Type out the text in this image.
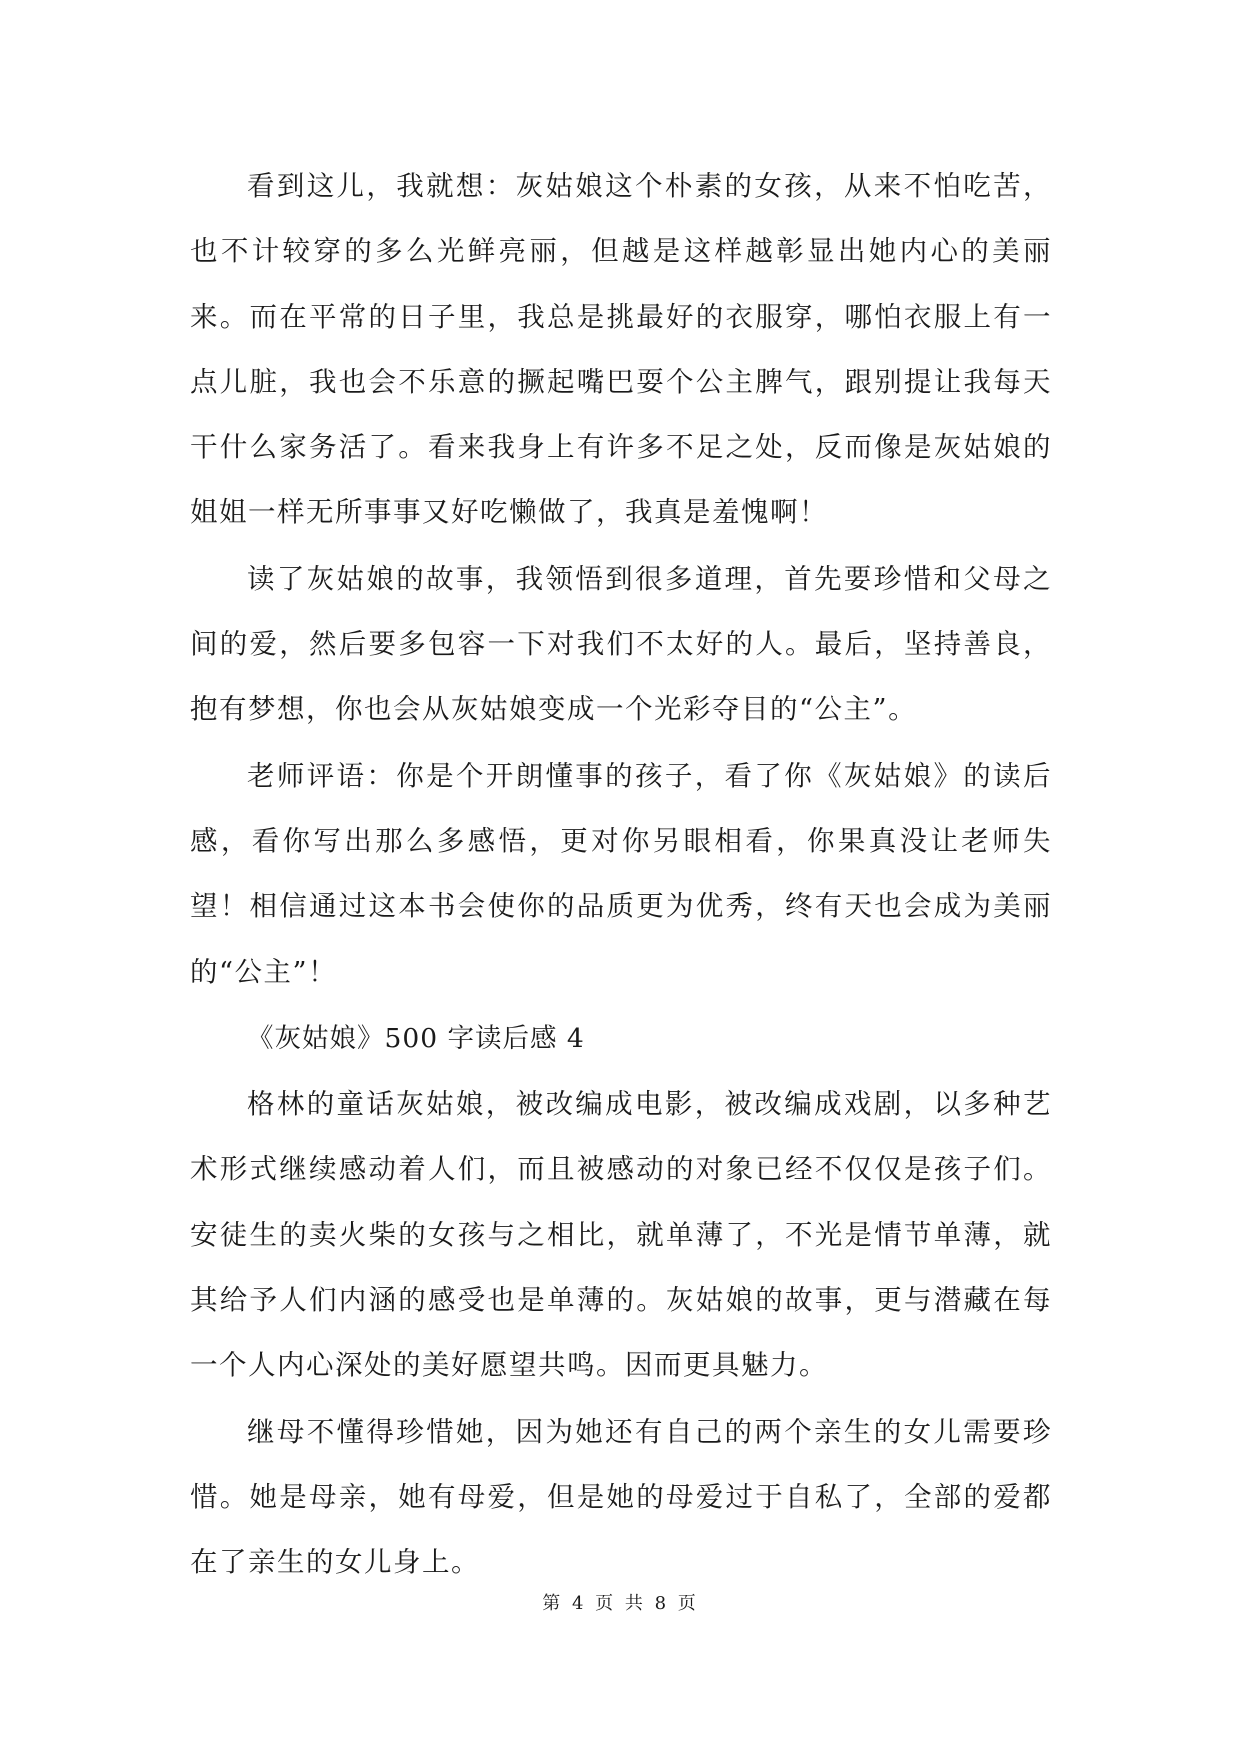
看到这儿，我就想：灰姑娘这个朴素的女孩，从来不怕吃苦，也不计较穿的多么光鲜亮丽，但越是这样越彰显出她内心的美丽来。而在平常的日子里，我总是挑最好的衣服穿，哪怕衣服上有一点儿脏，我也会不乐意的撅起嘴巴耍个公主脾气，跟别提让我每天干什么家务活了。看来我身上有许多不足之处，反而像是灰姑娘的姐姐一样无所事事又好吃懒做了，我真是羞愧啊！

读了灰姑娘的故事，我领悟到很多道理，首先要珍惜和父母之间的爱，然后要多包容一下对我们不太好的人。最后，坚持善良，抱有梦想，你也会从灰姑娘变成一个光彩夺目的“公主”。

老师评语：你是个开朗懂事的孩子，看了你《灰姑娘》的读后感，看你写出那么多感悟，更对你另眼相看，你果真没让老师失望！相信通过这本书会使你的品质更为优秀，终有天也会成为美丽的“公主”！

《灰姑娘》500 字读后感 4

格林的童话灰姑娘，被改编成电影，被改编成戏剧，以多种艺术形式继续感动着人们，而且被感动的对象已经不仅仅是孩子们。安徒生的卖火柴的女孩与之相比，就单薄了，不光是情节单薄，就其给予人们内涵的感受也是单薄的。灰姑娘的故事，更与潜藏在每一个人内心深处的美好愿望共鸣。因而更具魅力。

继母不懂得珍惜她，因为她还有自己的两个亲生的女儿需要珍惜。她是母亲，她有母爱，但是她的母爱过于自私了，全部的爱都在了亲生的女儿身上。

第 4 页 共 8 页
